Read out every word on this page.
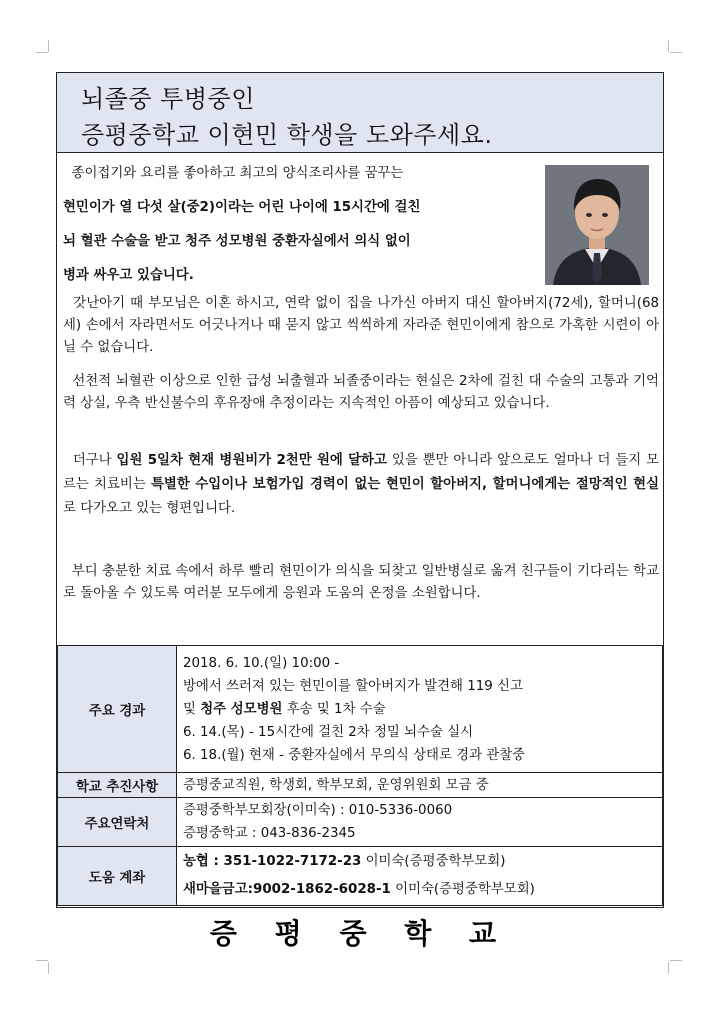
뇌졸중 투병중인
증평중학교 이현민 학생을 도와주세요.
종이접기와 요리를 좋아하고 최고의 양식조리사를 꿈꾸는
현민이가 열 다섯 살(중2)이라는 어린 나이에 15시간에 걸친
뇌 혈관 수술을 받고 청주 성모병원 중환자실에서 의식 없이
병과 싸우고 있습니다.
갓난아기 때 부모님은 이혼 하시고, 연락 없이 집을 나가신 아버지 대신 할아버지(72세), 할머니(68세) 손에서 자라면서도 어긋나거나 때 묻지 않고 씩씩하게 자라준 현민이에게 참으로 가혹한 시련이 아닐 수 없습니다.
선천적 뇌혈관 이상으로 인한 급성 뇌출혈과 뇌졸중이라는 현실은 2차에 걸친 대 수술의 고통과 기억력 상실, 우측 반신불수의 후유장애 추정이라는 지속적인 아픔이 예상되고 있습니다.
더구나 입원 5일차 현재 병원비가 2천만 원에 달하고 있을 뿐만 아니라 앞으로도 얼마나 더 들지 모르는 치료비는 특별한 수입이나 보험가입 경력이 없는 현민이 할아버지, 할머니에게는 절망적인 현실로 다가오고 있는 형편입니다.
부디 충분한 치료 속에서 하루 빨리 현민이가 의식을 되찾고 일반병실로 옮겨 친구들이 기다리는 학교로 돌아올 수 있도록 여러분 모두에게 응원과 도움의 온정을 소원합니다.
주요 경과	2018. 6. 10.(일) 10:00 -
방에서 쓰러져 있는 현민이를 할아버지가 발견해 119 신고
및 청주 성모병원 후송 및 1차 수술
6. 14.(목) - 15시간에 걸친 2차 정밀 뇌수술 실시
6. 18.(월) 현재 - 중환자실에서 무의식 상태로 경과 관찰중

학교 추진사항	증평중교직원, 학생회, 학부모회, 운영위원회 모금 중
주요연락처	증평중학부모회장(이미숙) : 010-5336-0060
증평중학교 : 043-836-2345

도움 계좌	농협 : 351-1022-7172-23 이미숙(증평중학부모회)
새마을금고:9002-1862-6028-1 이미숙(증평중학부모회)
증 평 중 학 교
